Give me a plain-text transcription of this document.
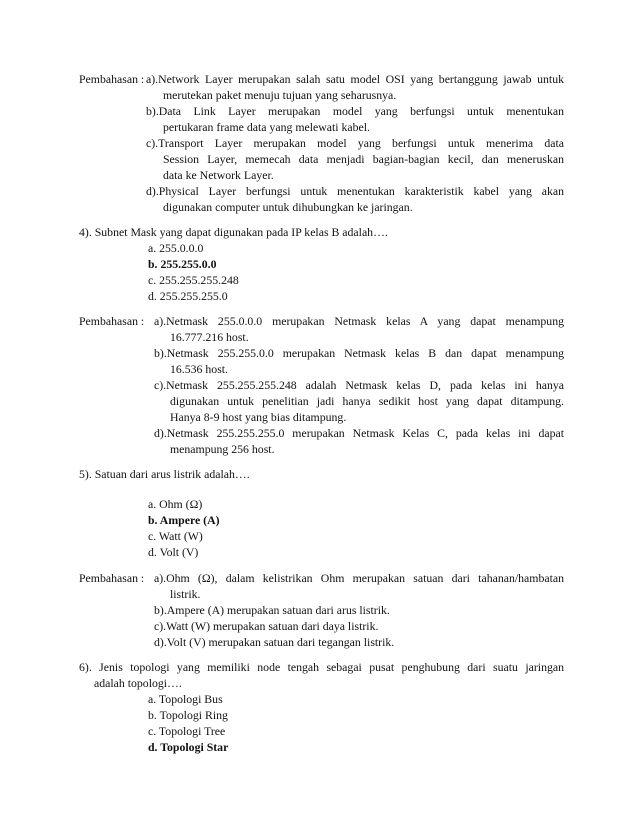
Pembahasan : a).Network Layer merupakan salah satu model OSI yang bertanggung jawab untuk
merutekan paket menuju tujuan yang seharusnya.
b).Data Link Layer merupakan model yang berfungsi untuk menentukan
pertukaran frame data yang melewati kabel.
c).Transport Layer merupakan model yang berfungsi untuk menerima data
Session Layer, memecah data menjadi bagian-bagian kecil, dan meneruskan
data ke Network Layer.
d).Physical Layer berfungsi untuk menentukan karakteristik kabel yang akan
digunakan computer untuk dihubungkan ke jaringan.
4). Subnet Mask yang dapat digunakan pada IP kelas B adalah….
a. 255.0.0.0
b. 255.255.0.0
c. 255.255.255.248
d. 255.255.255.0
Pembahasan : a).Netmask 255.0.0.0 merupakan Netmask kelas A yang dapat menampung
16.777.216 host.
b).Netmask 255.255.0.0 merupakan Netmask kelas B dan dapat menampung
16.536 host.
c).Netmask 255.255.255.248 adalah Netmask kelas D, pada kelas ini hanya
digunakan untuk penelitian jadi hanya sedikit host yang dapat ditampung.
Hanya 8-9 host yang bias ditampung.
d).Netmask 255.255.255.0 merupakan Netmask Kelas C, pada kelas ini dapat
menampung 256 host.
5). Satuan dari arus listrik adalah….
a. Ohm (Ω)
b. Ampere (A)
c. Watt (W)
d. Volt (V)
Pembahasan : a).Ohm (Ω), dalam kelistrikan Ohm merupakan satuan dari tahanan/hambatan
listrik.
b).Ampere (A) merupakan satuan dari arus listrik.
c).Watt (W) merupakan satuan dari daya listrik.
d).Volt (V) merupakan satuan dari tegangan listrik.
6). Jenis topologi yang memiliki node tengah sebagai pusat penghubung dari suatu jaringan
adalah topologi….
a. Topologi Bus
b. Topologi Ring
c. Topologi Tree
d. Topologi Star
